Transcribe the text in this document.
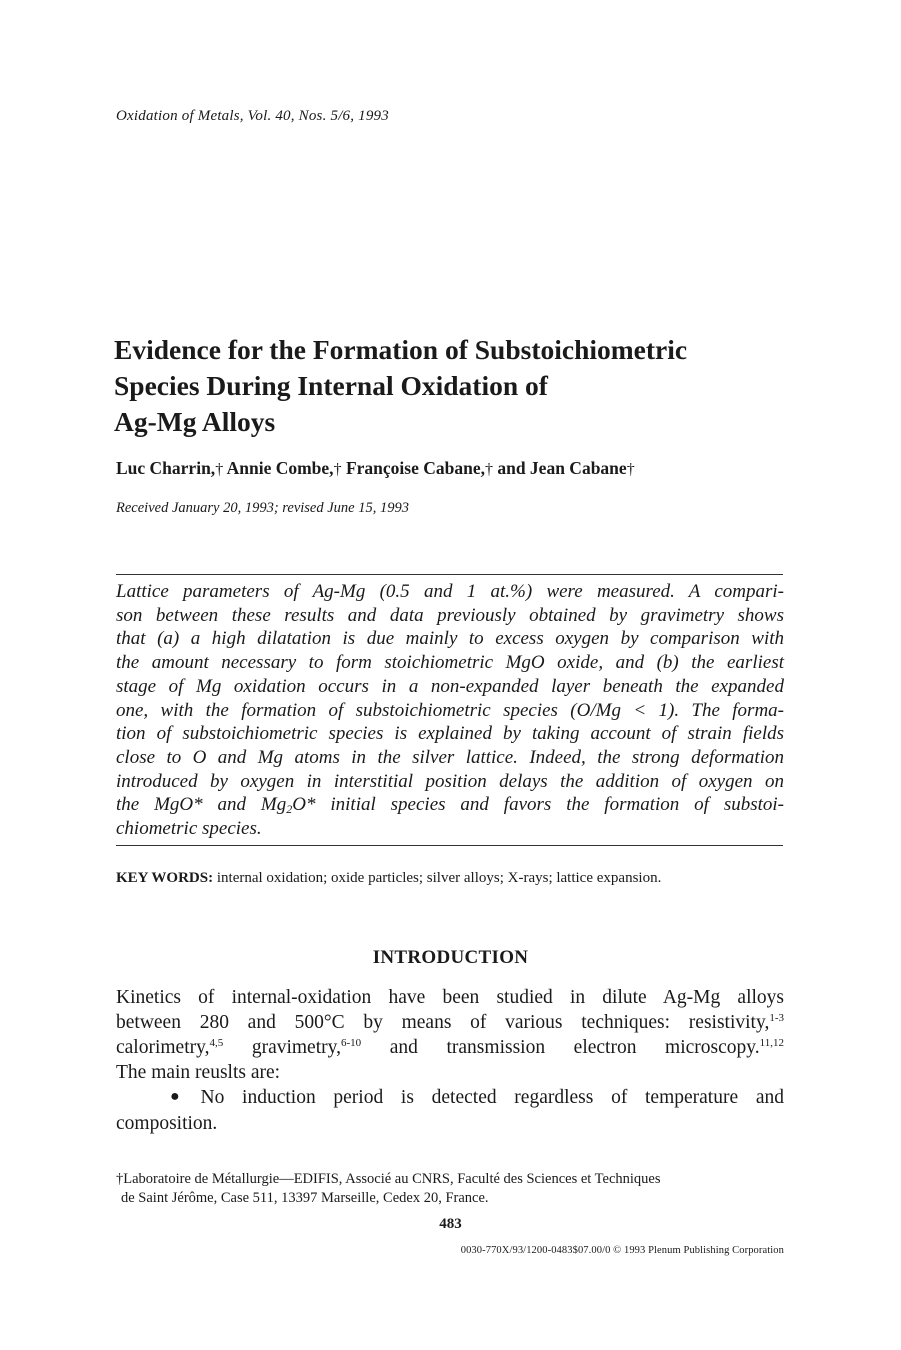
Oxidation of Metals, Vol. 40, Nos. 5/6, 1993
Evidence for the Formation of Substoichiometric
Species During Internal Oxidation of
Ag-Mg Alloys
Luc Charrin,† Annie Combe,† Françoise Cabane,† and Jean Cabane†
Received January 20, 1993; revised June 15, 1993
Lattice parameters of Ag-Mg (0.5 and 1 at.%) were measured. A compari-
son between these results and data previously obtained by gravimetry shows
that (a) a high dilatation is due mainly to excess oxygen by comparison with
the amount necessary to form stoichiometric MgO oxide, and (b) the earliest
stage of Mg oxidation occurs in a non-expanded layer beneath the expanded
one, with the formation of substoichiometric species (O/Mg < 1). The forma-
tion of substoichiometric species is explained by taking account of strain fields
close to O and Mg atoms in the silver lattice. Indeed, the strong deformation
introduced by oxygen in interstitial position delays the addition of oxygen on
the MgO* and $Mg_2O*$ initial species and favors the formation of substoi-
chiometric species.
KEY WORDS: internal oxidation; oxide particles; silver alloys; X-rays; lattice expansion.
INTRODUCTION
Kinetics of internal-oxidation have been studied in dilute Ag-Mg alloys
between 280 and 500°C by means of various techniques: resistivity,$^{1-3}$
calorimetry,$^{4,5}$ gravimetry,$^{6-10}$ and transmission electron microscopy.$^{11,12}$
The main reuslts are:
● No induction period is detected regardless of temperature and
composition.
†Laboratoire de Métallurgie—EDIFIS, Associé au CNRS, Faculté des Sciences et Techniques
de Saint Jérôme, Case 511, 13397 Marseille, Cedex 20, France.
483
0030-770X/93/1200-0483$07.00/0 © 1993 Plenum Publishing Corporation
